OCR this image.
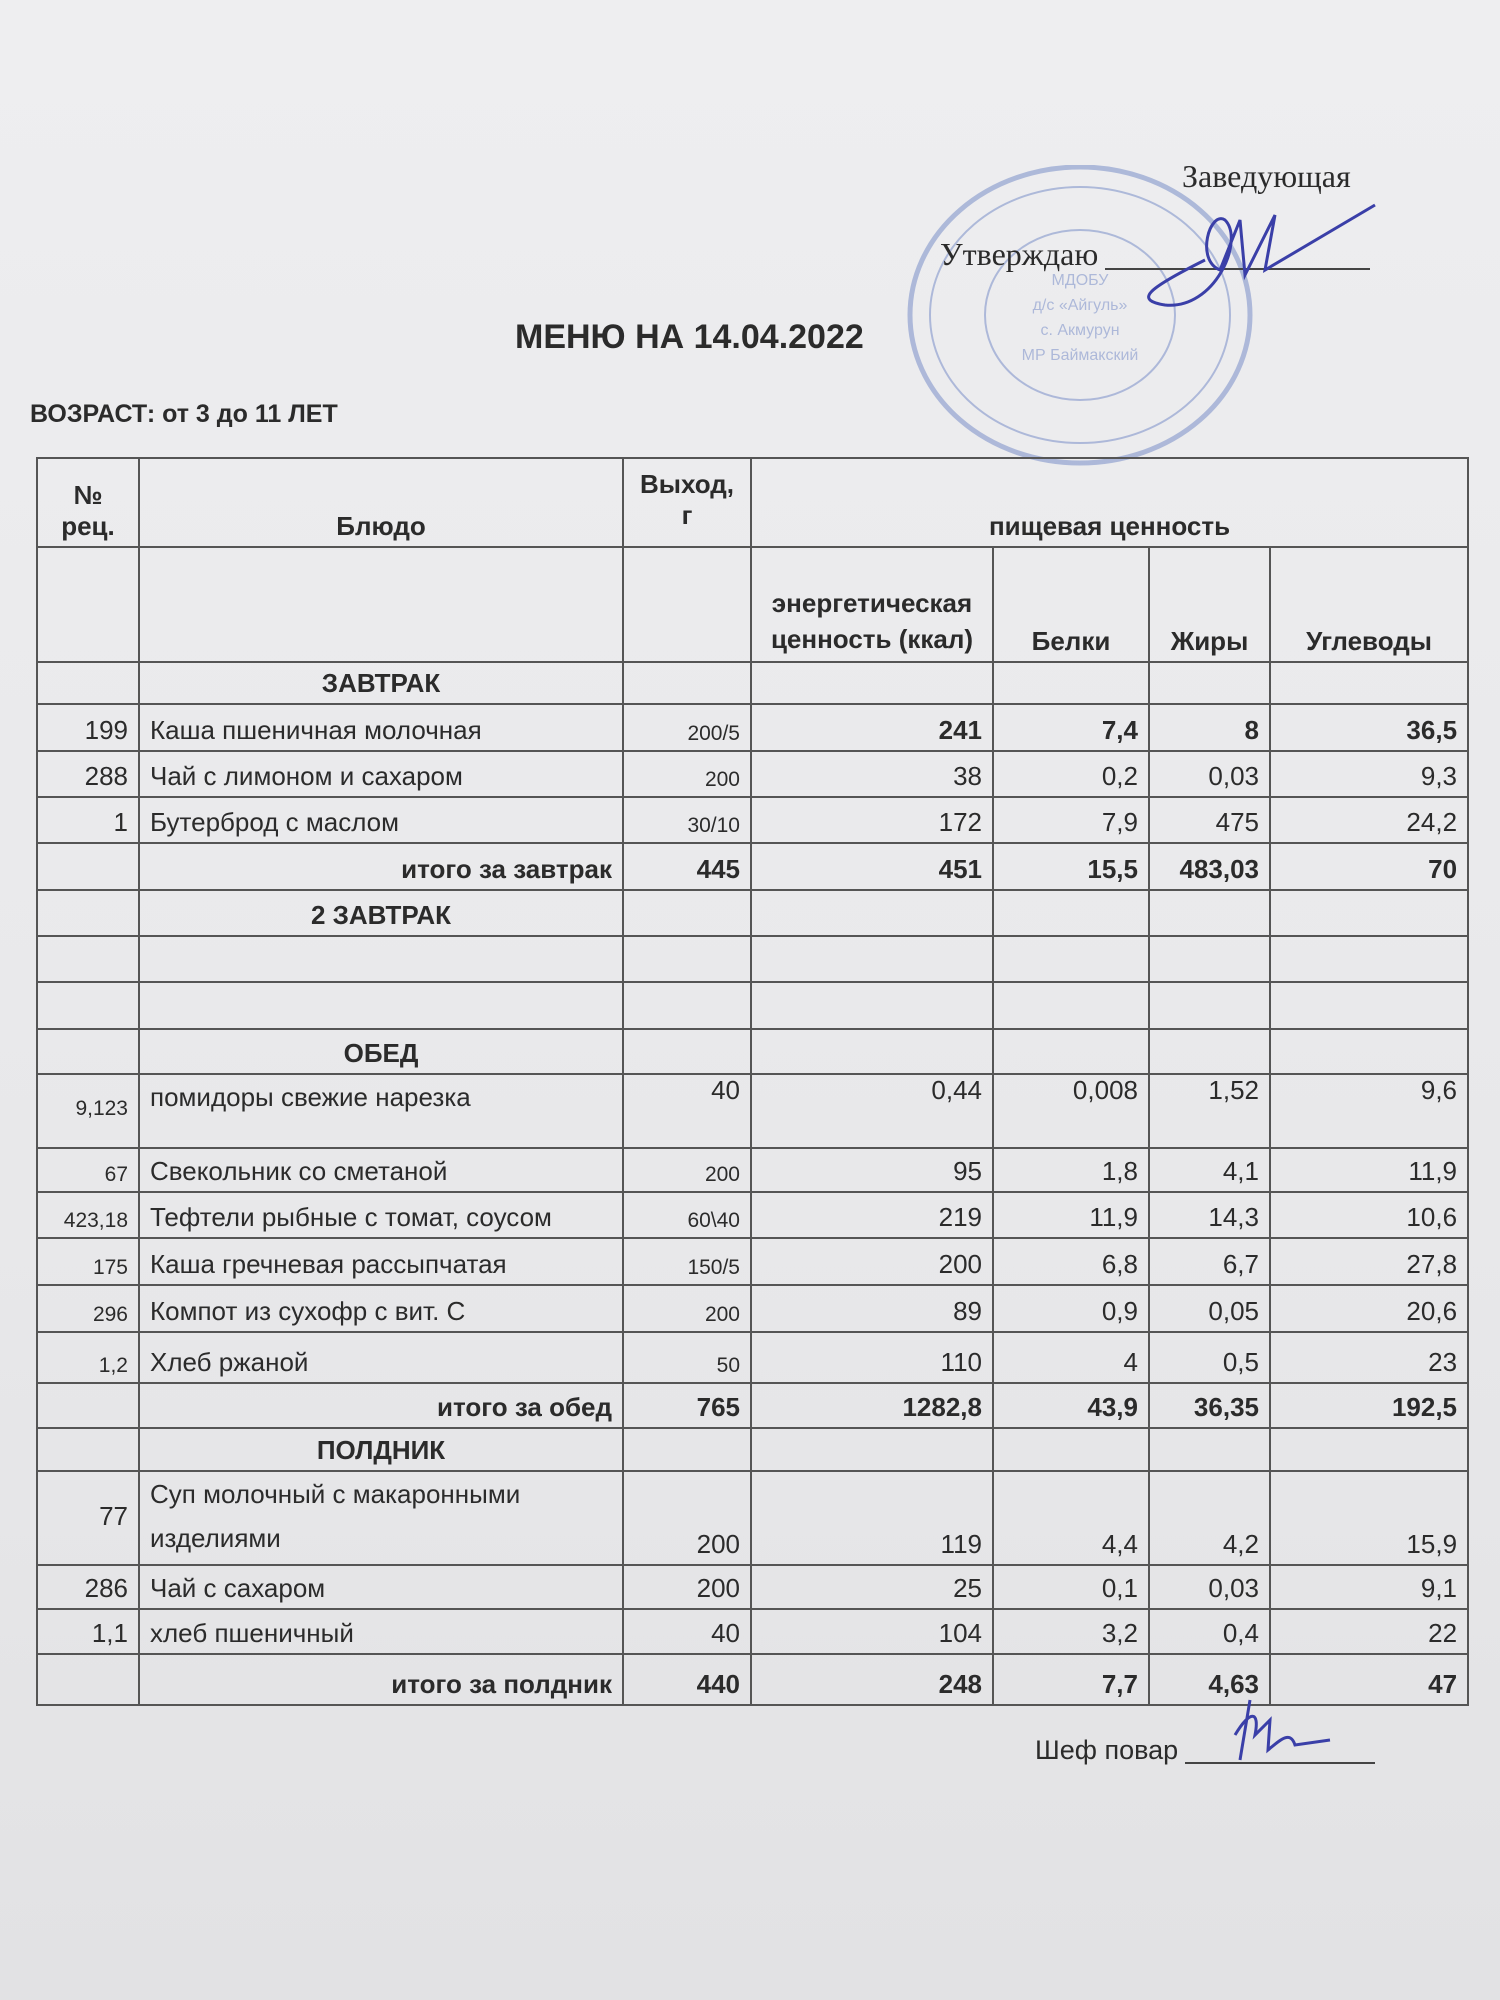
МДОБУ
д/с «Айгуль»
с. Акмурун
МР Баймакский
Заведующая
Утверждаю
МЕНЮ НА 14.04.2022
ВОЗРАСТ: от 3 до 11 ЛЕТ
№ рец.	Блюдо	Выход, г	пищевая ценность			
			энергетическая ценность (ккал)	Белки	Жиры	Углеводы
	ЗАВТРАК					
199	Каша пшеничная молочная	200/5	241	7,4	8	36,5
288	Чай с лимоном и сахаром	200	38	0,2	0,03	9,3
1	Бутерброд с маслом	30/10	172	7,9	475	24,2
	итого за завтрак	445	451	15,5	483,03	70
	2 ЗАВТРАК					

	ОБЕД					
9,123	помидоры свежие нарезка	40	0,44	0,008	1,52	9,6
67	Свекольник со сметаной	200	95	1,8	4,1	11,9
423,18	Тефтели рыбные с томат, соусом	60\40	219	11,9	14,3	10,6
175	Каша гречневая рассыпчатая	150/5	200	6,8	6,7	27,8
296	Компот из сухофр с вит. С	200	89	0,9	0,05	20,6
1,2	Хлеб ржаной	50	110	4	0,5	23
	итого за обед	765	1282,8	43,9	36,35	192,5
	ПОЛДНИК					
77	Суп молочный с макаронными изделиями	200	119	4,4	4,2	15,9
286	Чай с сахаром	200	25	0,1	0,03	9,1
1,1	хлеб пшеничный	40	104	3,2	0,4	22
	итого за полдник	440	248	7,7	4,63	47
Шеф повар
